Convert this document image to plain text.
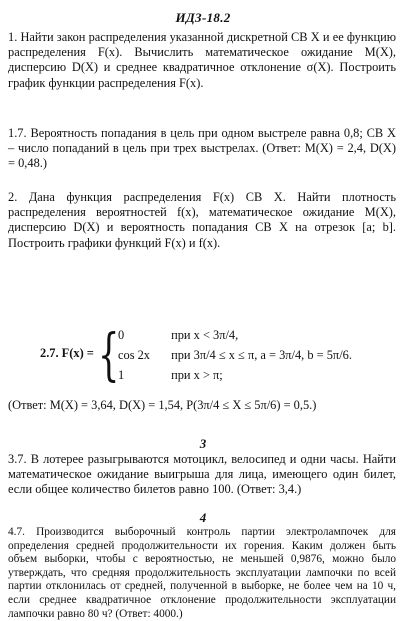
ИДЗ-18.2

1. Найти закон распределения указанной дискретной СВ X и ее функцию распределения F(x). Вычислить математическое ожидание M(X), дисперсию D(X) и среднее квадратичное отклонение σ(X). Построить график функции распределения F(x).

1.7. Вероятность попадания в цель при одном выстреле равна 0,8; СВ X – число попаданий в цель при трех выстрелах. (Ответ: M(X) = 2,4, D(X) = 0,48.)

2. Дана функция распределения F(x) СВ X. Найти плотность распределения вероятностей f(x), математическое ожидание M(X), дисперсию D(X) и вероятность попадания СВ X на отрезок [a; b]. Построить графики функций F(x) и f(x).

2.7. F(x) = {
0	при x < 3π/4,
cos 2x при 3π/4 ≤ x ≤ π, a = 3π/4, b = 5π/6.
1	при x > π;

(Ответ: M(X) = 3,64, D(X) = 1,54, P(3π/4 ≤ X ≤ 5π/6) = 0,5.)

3

3.7. В лотерее разыгрываются мотоцикл, велосипед и одни часы. Найти математическое ожидание выигрыша для лица, имеющего один билет, если общее количество билетов равно 100. (Ответ: 3,4.)

4

4.7. Производится выборочный контроль партии электролампочек для определения средней продолжительности их горения. Каким должен быть объем выборки, чтобы с вероятностью, не меньшей 0,9876, можно было утверждать, что средняя продолжительность эксплуатации лампочки по всей партии отклонилась от средней, полученной в выборке, не более чем на 10 ч, если среднее квадратичное отклонение продолжительности эксплуатации лампочки равно 80 ч? (Ответ: 4000.)
